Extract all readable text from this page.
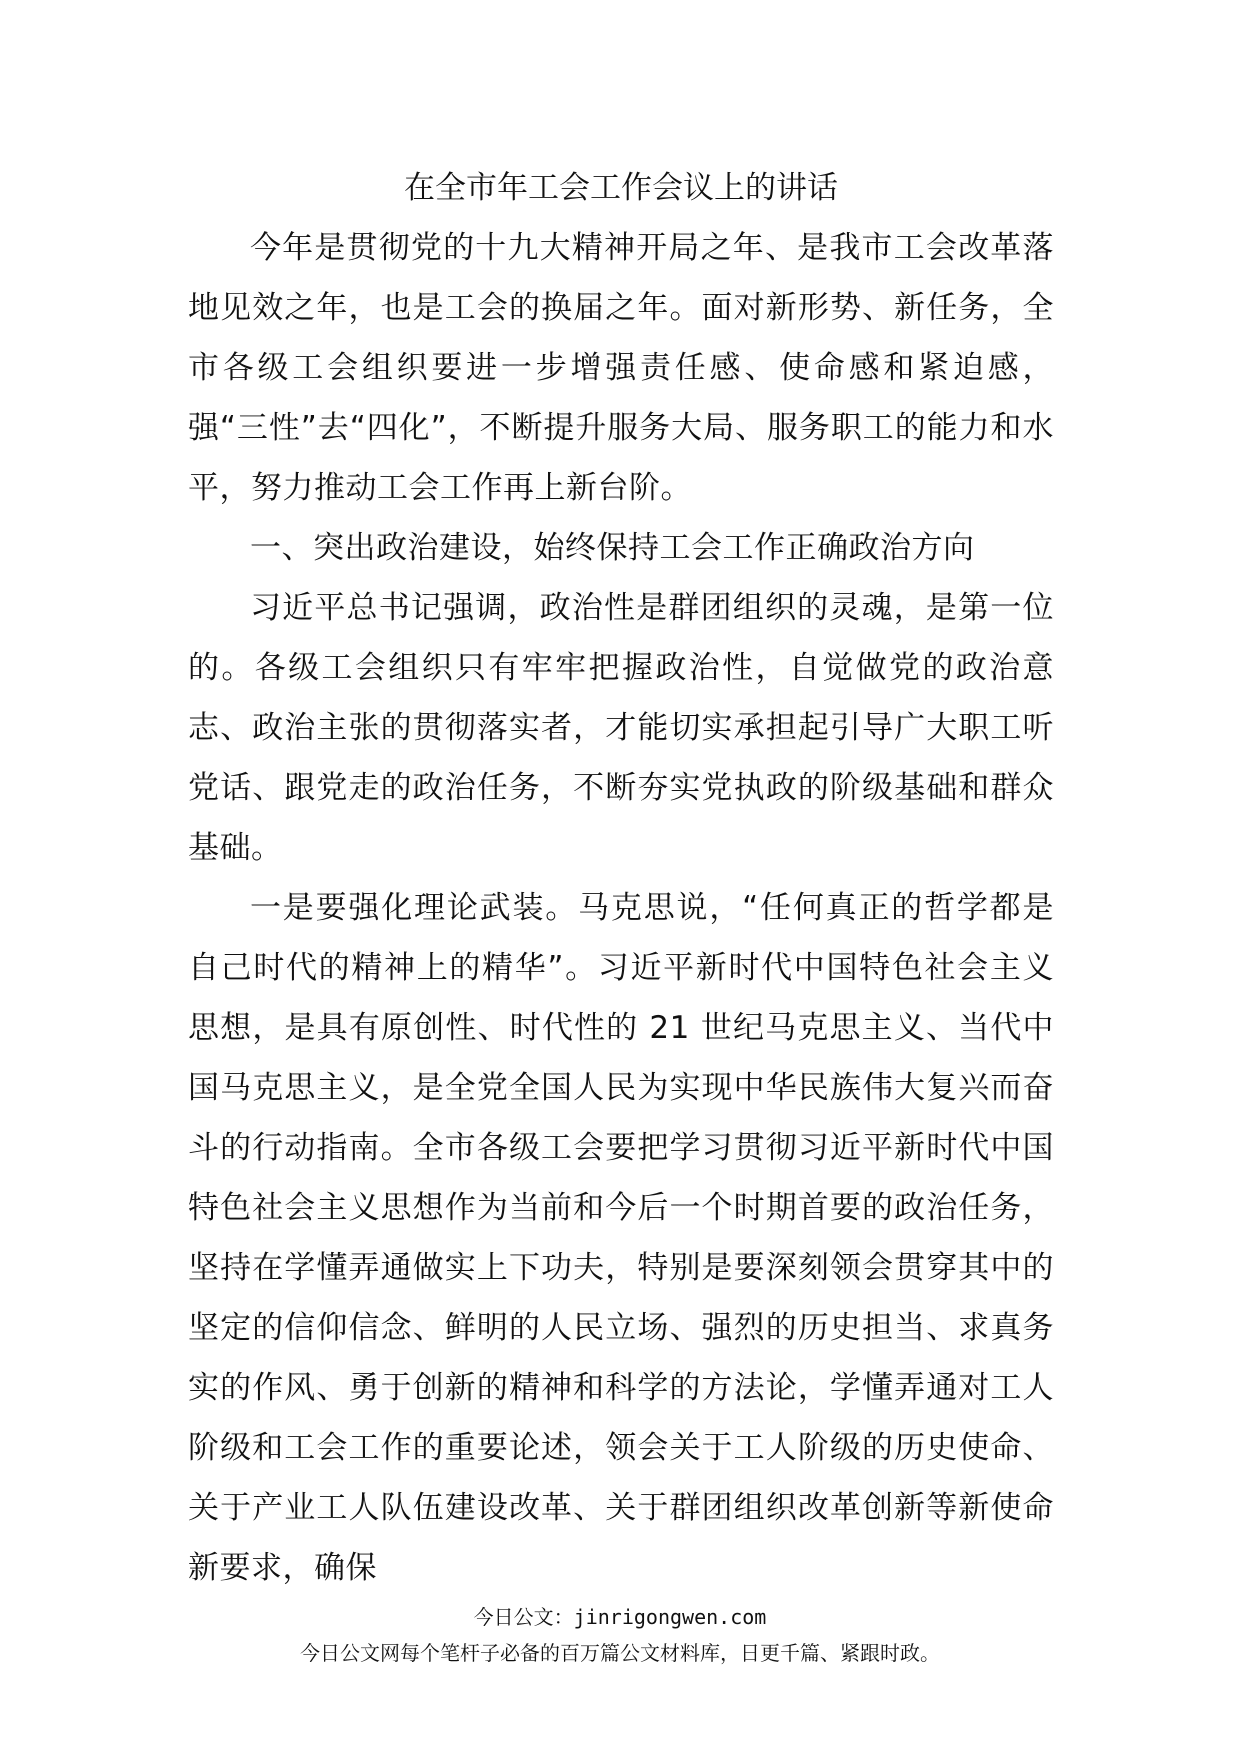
在全市年工会工作会议上的讲话

今年是贯彻党的十九大精神开局之年、是我市工会改革落地见效之年，也是工会的换届之年。面对新形势、新任务，全市各级工会组织要进一步增强责任感、使命感和紧迫感，强“三性”去“四化”，不断提升服务大局、服务职工的能力和水平，努力推动工会工作再上新台阶。

一、突出政治建设，始终保持工会工作正确政治方向

习近平总书记强调，政治性是群团组织的灵魂，是第一位的。各级工会组织只有牢牢把握政治性，自觉做党的政治意志、政治主张的贯彻落实者，才能切实承担起引导广大职工听党话、跟党走的政治任务，不断夯实党执政的阶级基础和群众基础。

一是要强化理论武装。马克思说，“任何真正的哲学都是自己时代的精神上的精华”。习近平新时代中国特色社会主义思想，是具有原创性、时代性的 21 世纪马克思主义、当代中国马克思主义，是全党全国人民为实现中华民族伟大复兴而奋斗的行动指南。全市各级工会要把学习贯彻习近平新时代中国特色社会主义思想作为当前和今后一个时期首要的政治任务，坚持在学懂弄通做实上下功夫，特别是要深刻领会贯穿其中的坚定的信仰信念、鲜明的人民立场、强烈的历史担当、求真务实的作风、勇于创新的精神和科学的方法论，学懂弄通对工人阶级和工会工作的重要论述，领会关于工人阶级的历史使命、关于产业工人队伍建设改革、关于群团组织改革创新等新使命新要求，确保

今日公文：jinrigongwen.com
今日公文网每个笔杆子必备的百万篇公文材料库，日更千篇、紧跟时政。
